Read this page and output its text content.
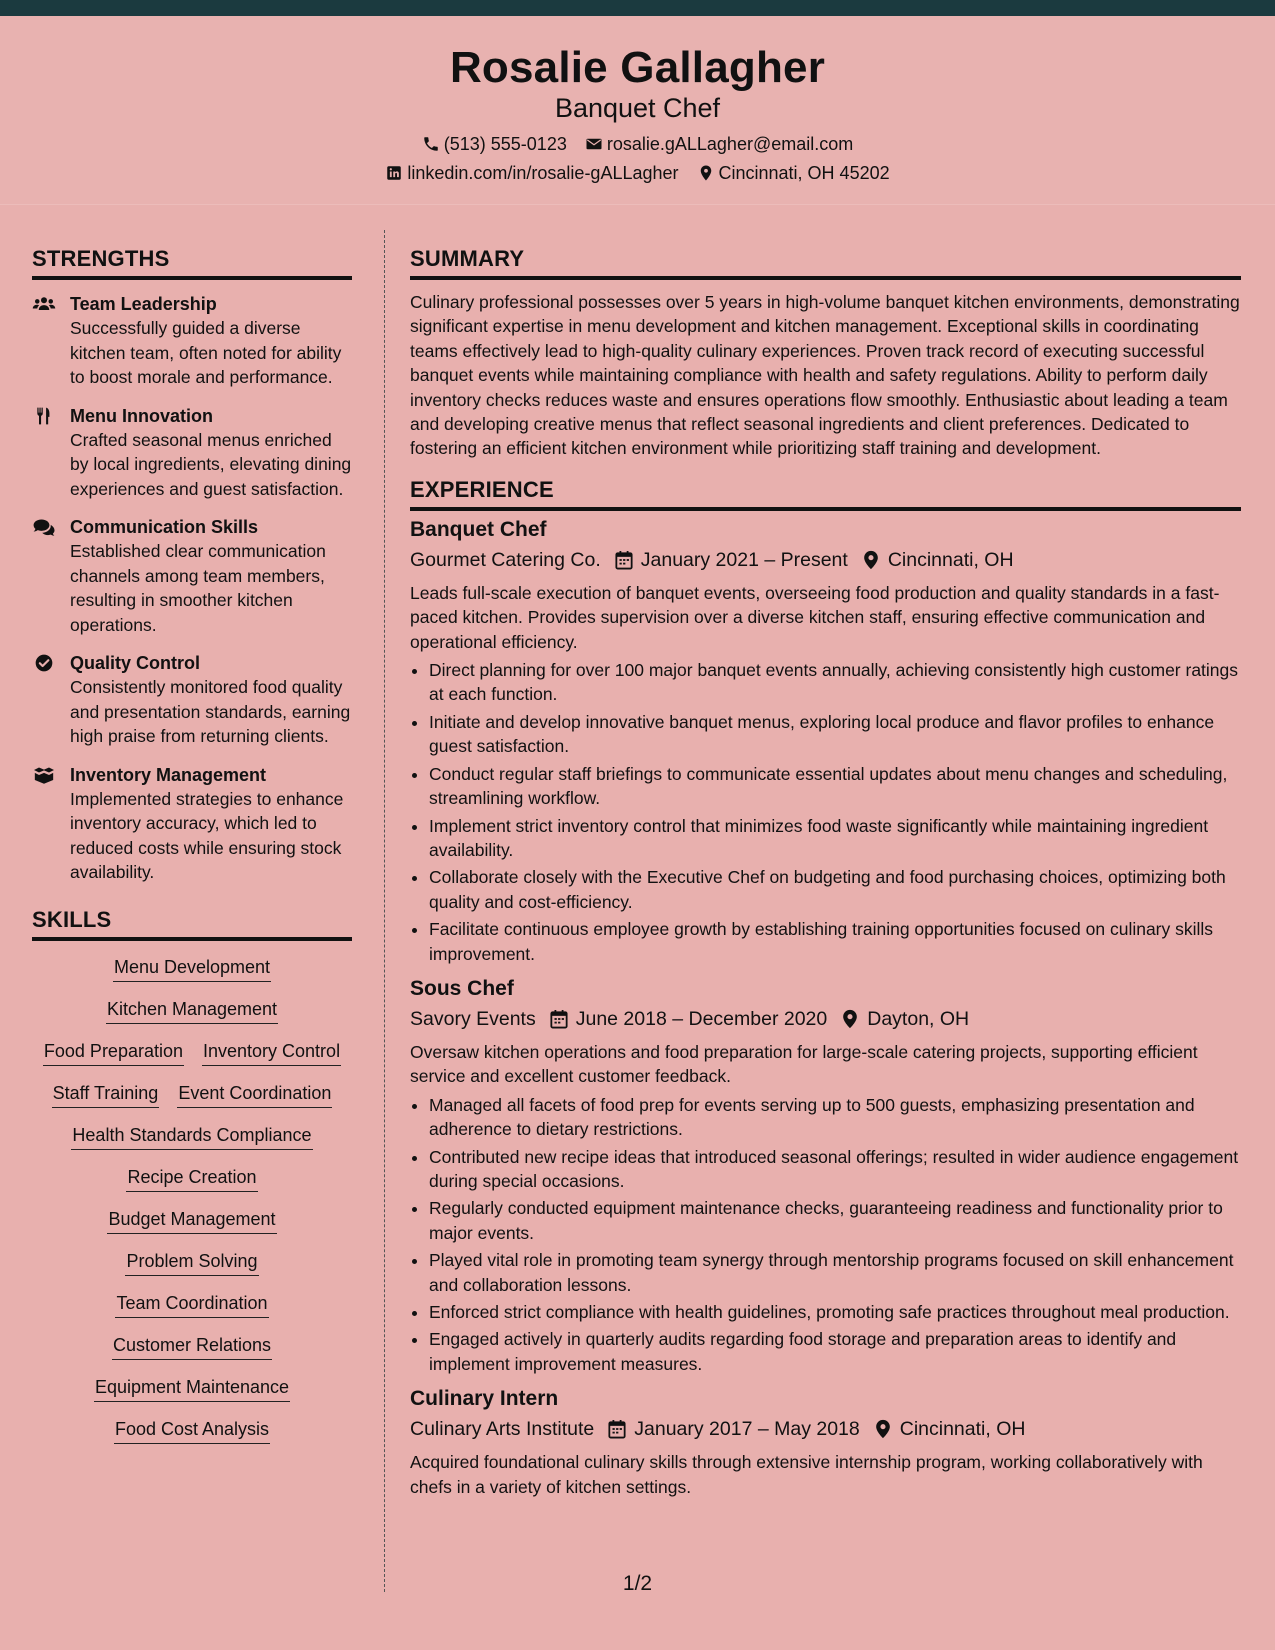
Rosalie Gallagher
Banquet Chef
(513) 555-0123 rosalie.gALLagher@email.com
linkedin.com/in/rosalie-gALLagher Cincinnati, OH 45202
STRENGTHS
Team Leadership
Successfully guided a diverse kitchen team, often noted for ability to boost morale and performance.
Menu Innovation
Crafted seasonal menus enriched by local ingredients, elevating dining experiences and guest satisfaction.
Communication Skills
Established clear communication channels among team members, resulting in smoother kitchen operations.
Quality Control
Consistently monitored food quality and presentation standards, earning high praise from returning clients.
Inventory Management
Implemented strategies to enhance inventory accuracy, which led to reduced costs while ensuring stock availability.
SKILLS
Menu Development
Kitchen Management
Food Preparation Inventory Control
Staff Training Event Coordination
Health Standards Compliance
Recipe Creation
Budget Management
Problem Solving
Team Coordination
Customer Relations
Equipment Maintenance
Food Cost Analysis
SUMMARY
Culinary professional possesses over 5 years in high-volume banquet kitchen environments, demonstrating significant expertise in menu development and kitchen management. Exceptional skills in coordinating teams effectively lead to high-quality culinary experiences. Proven track record of executing successful banquet events while maintaining compliance with health and safety regulations. Ability to perform daily inventory checks reduces waste and ensures operations flow smoothly. Enthusiastic about leading a team and developing creative menus that reflect seasonal ingredients and client preferences. Dedicated to fostering an efficient kitchen environment while prioritizing staff training and development.
EXPERIENCE
Banquet Chef
Gourmet Catering Co. January 2021 – Present Cincinnati, OH
Leads full-scale execution of banquet events, overseeing food production and quality standards in a fast-paced kitchen. Provides supervision over a diverse kitchen staff, ensuring effective communication and operational efficiency.
• Direct planning for over 100 major banquet events annually, achieving consistently high customer ratings at each function.
• Initiate and develop innovative banquet menus, exploring local produce and flavor profiles to enhance guest satisfaction.
• Conduct regular staff briefings to communicate essential updates about menu changes and scheduling, streamlining workflow.
• Implement strict inventory control that minimizes food waste significantly while maintaining ingredient availability.
• Collaborate closely with the Executive Chef on budgeting and food purchasing choices, optimizing both quality and cost-efficiency.
• Facilitate continuous employee growth by establishing training opportunities focused on culinary skills improvement.
Sous Chef
Savory Events June 2018 – December 2020 Dayton, OH
Oversaw kitchen operations and food preparation for large-scale catering projects, supporting efficient service and excellent customer feedback.
• Managed all facets of food prep for events serving up to 500 guests, emphasizing presentation and adherence to dietary restrictions.
• Contributed new recipe ideas that introduced seasonal offerings; resulted in wider audience engagement during special occasions.
• Regularly conducted equipment maintenance checks, guaranteeing readiness and functionality prior to major events.
• Played vital role in promoting team synergy through mentorship programs focused on skill enhancement and collaboration lessons.
• Enforced strict compliance with health guidelines, promoting safe practices throughout meal production.
• Engaged actively in quarterly audits regarding food storage and preparation areas to identify and implement improvement measures.
Culinary Intern
Culinary Arts Institute January 2017 – May 2018 Cincinnati, OH
Acquired foundational culinary skills through extensive internship program, working collaboratively with chefs in a variety of kitchen settings.
1/2
